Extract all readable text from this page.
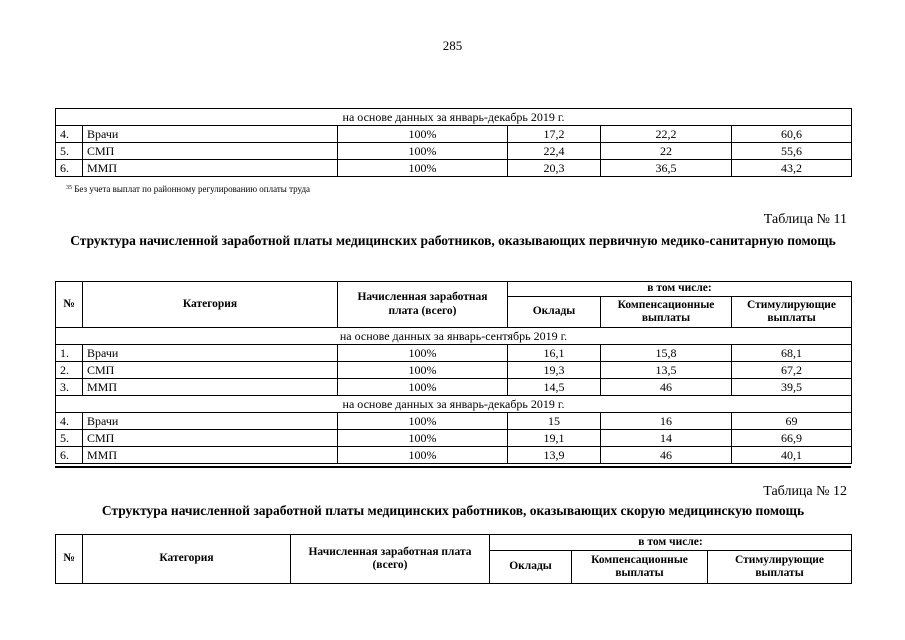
285
на основе данных за январь-декабрь 2019 г.					
4.	Врачи	100%	17,2	22,2	60,6
5.	СМП	100%	22,4	22	55,6
6.	ММП	100%	20,3	36,5	43,2
$^{35}$ Без учета выплат по районному регулированию оплаты труда
Таблица № 11
Структура начисленной заработной платы медицинских работников, оказывающих первичную медико-санитарную помощь
№	Категория	Начисленная заработная плата (всего)	в том числе:		
			Оклады	Компенсационные выплаты	Стимулирующие выплаты
на основе данных за январь-сентябрь 2019 г.					
1.	Врачи	100%	16,1	15,8	68,1
2.	СМП	100%	19,3	13,5	67,2
3.	ММП	100%	14,5	46	39,5
на основе данных за январь-декабрь 2019 г.					
4.	Врачи	100%	15	16	69
5.	СМП	100%	19,1	14	66,9
6.	ММП	100%	13,9	46	40,1
Таблица № 12
Структура начисленной заработной платы медицинских работников, оказывающих скорую медицинскую помощь
№	Категория	Начисленная заработная плата (всего)	в том числе:		
			Оклады	Компенсационные выплаты	Стимулирующие выплаты
